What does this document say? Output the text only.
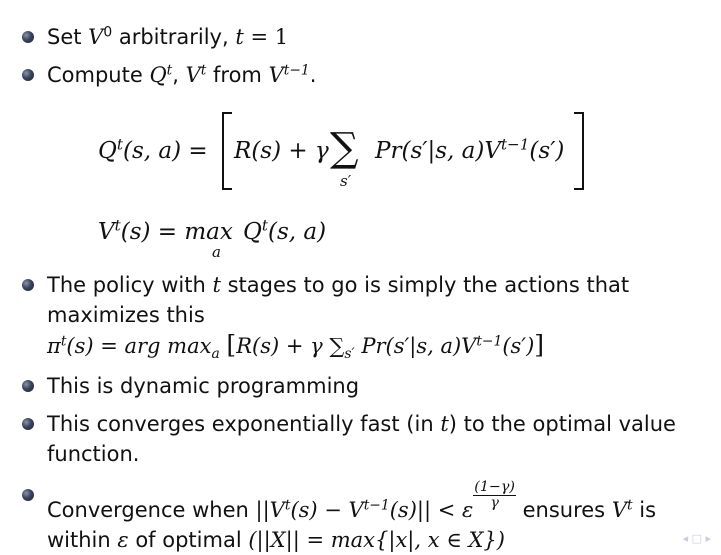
Set $V^0$ arbitrarily, t = 1
Compute $Q^t$, $V^t$ from $V^{t-1}$.
$Q^t(s$, a) = R(s) + γ ∑
s′
Pr(s′|s, $a)V^{t-1}(s')$
$V^t(s) = \max$
a
$Q^t(s$, a)
The policy with t stages to go is simply the actions that
maximizes this
$\pi^t(s)$ = arg $\max_a [R(s) + \gamma$ $\sum_{s'}$ Pr(s′|s, $a)V^{t-1}(s')$]
This is dynamic programming
This converges exponentially fast (in t) to the optimal value
function.
Convergence when $||V^t(s) - V^{t-1}(s)|| < \varepsilon \frac{(1-\gamma)}{\gamma}$ ensures $V^t$ is
within ε of optimal (||X|| = max{|x|, x ∈ X})	◂ □ ▸
